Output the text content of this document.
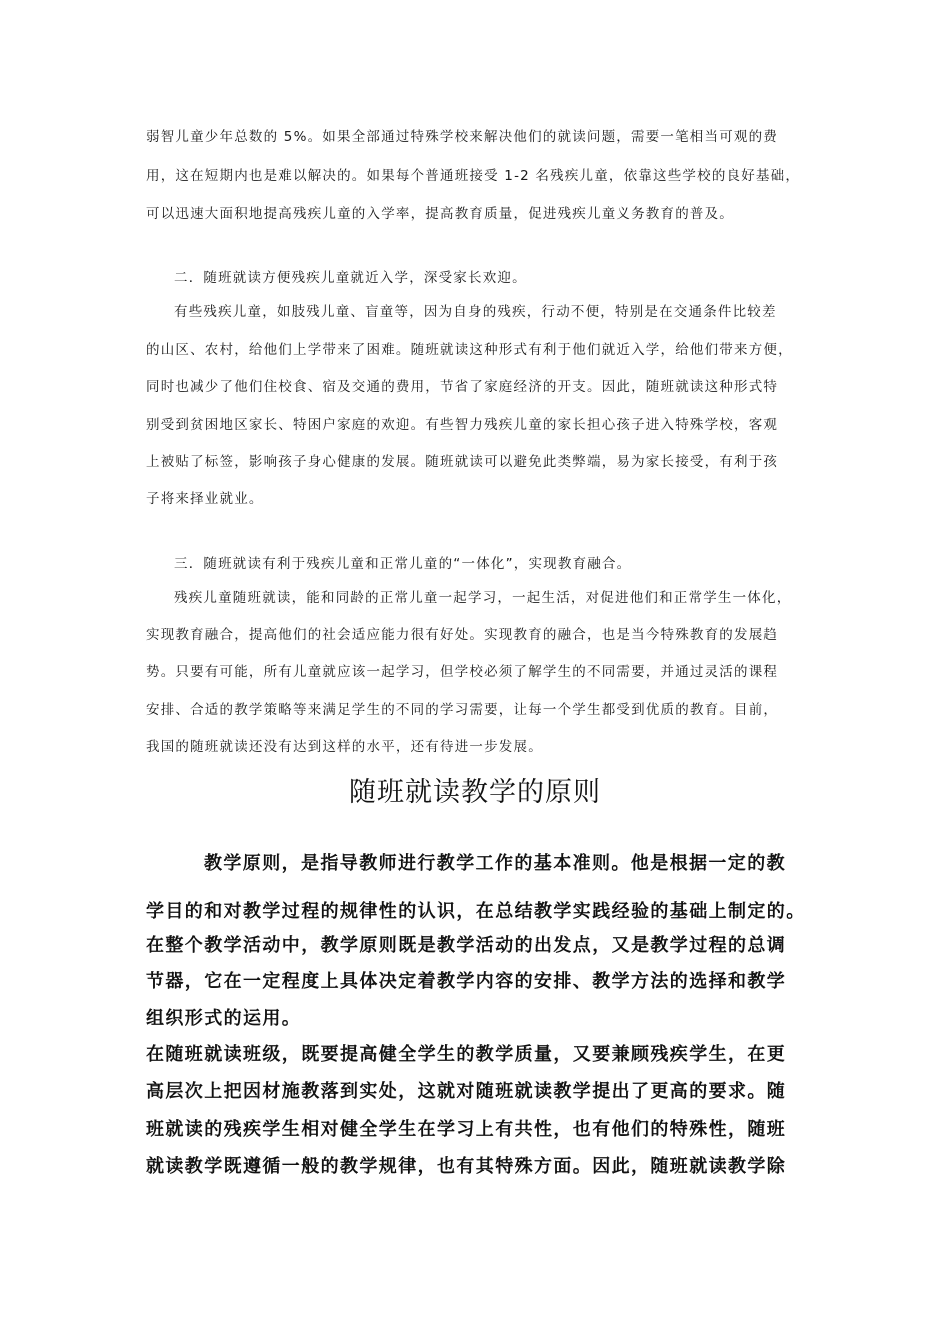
弱智儿童少年总数的 5%。如果全部通过特殊学校来解决他们的就读问题，需要一笔相当可观的费
用，这在短期内也是难以解决的。如果每个普通班接受 1-2 名残疾儿童，依靠这些学校的良好基础，
可以迅速大面积地提高残疾儿童的入学率，提高教育质量，促进残疾儿童义务教育的普及。
二．随班就读方便残疾儿童就近入学，深受家长欢迎。
有些残疾儿童，如肢残儿童、盲童等，因为自身的残疾，行动不便，特别是在交通条件比较差
的山区、农村，给他们上学带来了困难。随班就读这种形式有利于他们就近入学，给他们带来方便，
同时也减少了他们住校食、宿及交通的费用，节省了家庭经济的开支。因此，随班就读这种形式特
别受到贫困地区家长、特困户家庭的欢迎。有些智力残疾儿童的家长担心孩子进入特殊学校，客观
上被贴了标签，影响孩子身心健康的发展。随班就读可以避免此类弊端，易为家长接受，有利于孩
子将来择业就业。
三．随班就读有利于残疾儿童和正常儿童的“一体化”，实现教育融合。
残疾儿童随班就读，能和同龄的正常儿童一起学习，一起生活，对促进他们和正常学生一体化，
实现教育融合，提高他们的社会适应能力很有好处。实现教育的融合，也是当今特殊教育的发展趋
势。只要有可能，所有儿童就应该一起学习，但学校必须了解学生的不同需要，并通过灵活的课程
安排、合适的教学策略等来满足学生的不同的学习需要，让每一个学生都受到优质的教育。目前，
我国的随班就读还没有达到这样的水平，还有待进一步发展。
随班就读教学的原则
教学原则，是指导教师进行教学工作的基本准则。他是根据一定的教
学目的和对教学过程的规律性的认识，在总结教学实践经验的基础上制定的。
在整个教学活动中，教学原则既是教学活动的出发点，又是教学过程的总调
节器，它在一定程度上具体决定着教学内容的安排、教学方法的选择和教学
组织形式的运用。
在随班就读班级，既要提高健全学生的教学质量，又要兼顾残疾学生，在更
高层次上把因材施教落到实处，这就对随班就读教学提出了更高的要求。随
班就读的残疾学生相对健全学生在学习上有共性，也有他们的特殊性，随班
就读教学既遵循一般的教学规律，也有其特殊方面。因此，随班就读教学除
